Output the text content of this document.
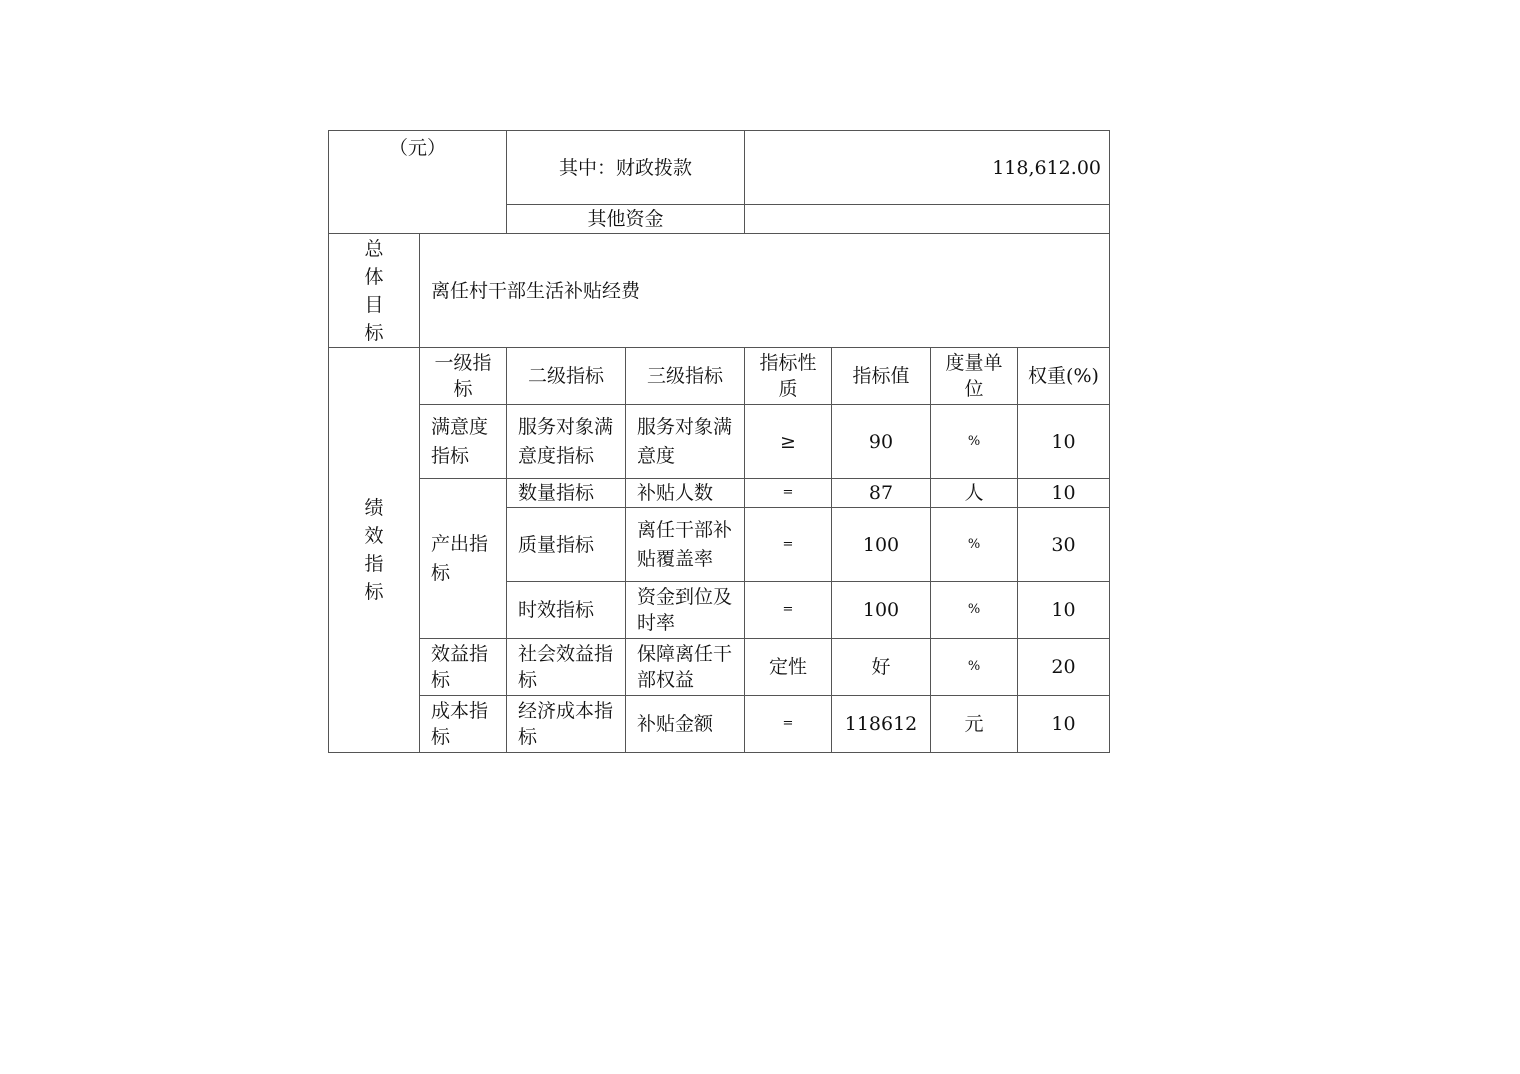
（元）		其中：财政拨款		118,612.00			
		其他资金					

总
体
目
标	离任村干部生活补贴经费						

绩
效
指
标	一级指标	二级指标	三级指标	指标性质	指标值	度量单位	权重(%)
	满意度指标	服务对象满意度指标	服务对象满意度	≥	90	%	10
	产出指标	数量指标	补贴人数	=	87	人	10
		质量指标	离任干部补贴覆盖率	=	100	%	30
		时效指标	资金到位及时率	=	100	%	10
	效益指标	社会效益指标	保障离任干部权益	定性	好	%	20
	成本指标	经济成本指标	补贴金额	=	118612	元	10
